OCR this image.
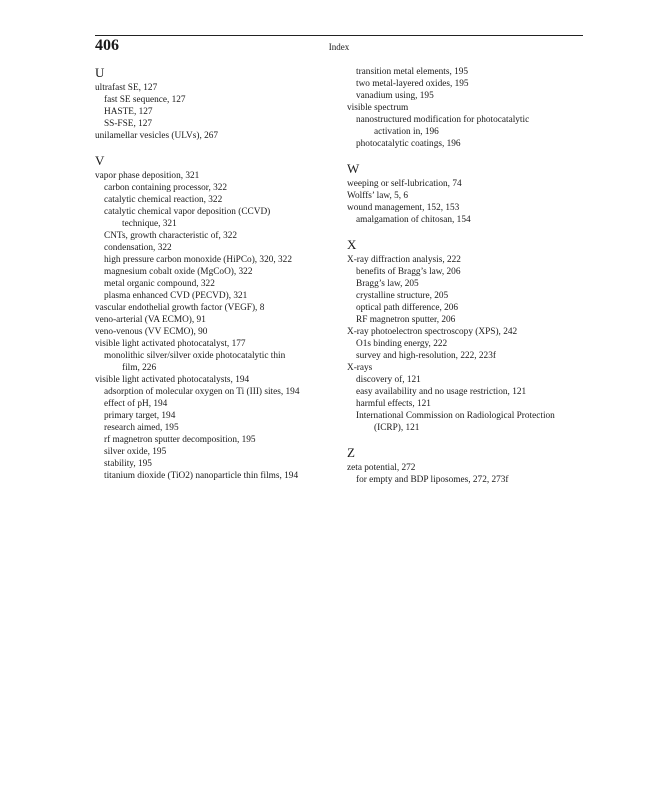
406	Index
U
ultrafast SE, 127
fast SE sequence, 127
HASTE, 127
SS-FSE, 127
unilamellar vesicles (ULVs), 267
V
vapor phase deposition, 321
carbon containing processor, 322
catalytic chemical reaction, 322
catalytic chemical vapor deposition (CCVD)
technique, 321
CNTs, growth characteristic of, 322
condensation, 322
high pressure carbon monoxide (HiPCo), 320, 322
magnesium cobalt oxide (MgCoO), 322
metal organic compound, 322
plasma enhanced CVD (PECVD), 321
vascular endothelial growth factor (VEGF), 8
veno-arterial (VA ECMO), 91
veno-venous (VV ECMO), 90
visible light activated photocatalyst, 177
monolithic silver/silver oxide photocatalytic thin
film, 226
visible light activated photocatalysts, 194
adsorption of molecular oxygen on Ti (III) sites, 194
effect of pH, 194
primary target, 194
research aimed, 195
rf magnetron sputter decomposition, 195
silver oxide, 195
stability, 195
titanium dioxide (TiO2) nanoparticle thin films, 194
transition metal elements, 195
two metal-layered oxides, 195
vanadium using, 195
visible spectrum
nanostructured modification for photocatalytic
activation in, 196
photocatalytic coatings, 196
W
weeping or self-lubrication, 74
Wolffs’ law, 5, 6
wound management, 152, 153
amalgamation of chitosan, 154
X
X-ray diffraction analysis, 222
benefits of Bragg’s law, 206
Bragg’s law, 205
crystalline structure, 205
optical path difference, 206
RF magnetron sputter, 206
X-ray photoelectron spectroscopy (XPS), 242
O1s binding energy, 222
survey and high-resolution, 222, 223f
X-rays
discovery of, 121
easy availability and no usage restriction, 121
harmful effects, 121
International Commission on Radiological Protection
(ICRP), 121
Z
zeta potential, 272
for empty and BDP liposomes, 272, 273f
